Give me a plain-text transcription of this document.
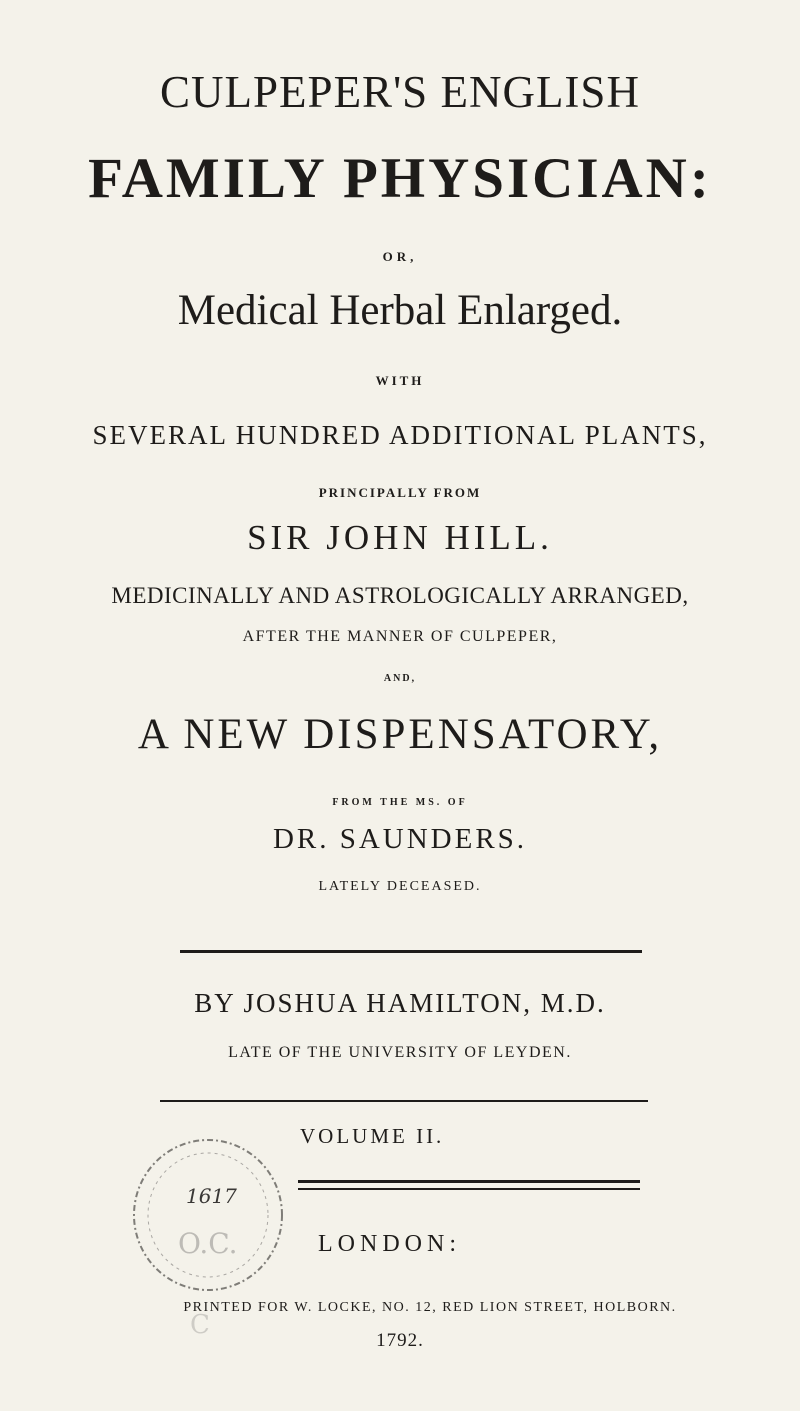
CULPEPER'S ENGLISH
FAMILY PHYSICIAN:
OR,
Medical Herbal Enlarged.
WITH
SEVERAL HUNDRED ADDITIONAL PLANTS,
PRINCIPALLY FROM
SIR JOHN HILL.
MEDICINALLY AND ASTROLOGICALLY ARRANGED,
AFTER THE MANNER OF CULPEPER,
AND,
A NEW DISPENSATORY,
FROM THE MS. OF
DR. SAUNDERS.
LATELY DECEASED.
BY JOSHUA HAMILTON, M.D.
LATE OF THE UNIVERSITY OF LEYDEN.
VOLUME II.
LONDON:
PRINTED FOR W. LOCKE, NO. 12, RED LION STREET, HOLBORN.
1792.
1617
O.C.
C
